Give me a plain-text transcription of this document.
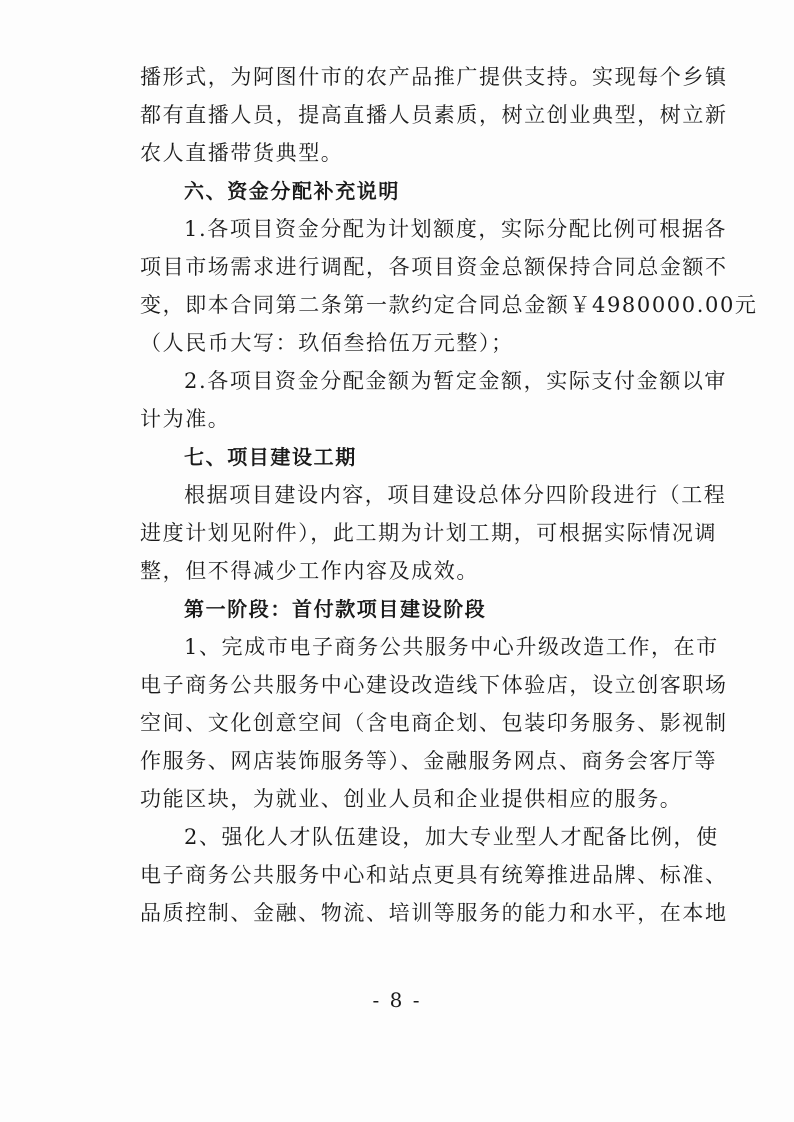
播形式，为阿图什市的农产品推广提供支持。实现每个乡镇
都有直播人员，提高直播人员素质，树立创业典型，树立新
农人直播带货典型。
六、资金分配补充说明
1.各项目资金分配为计划额度，实际分配比例可根据各
项目市场需求进行调配，各项目资金总额保持合同总金额不
变，即本合同第二条第一款约定合同总金额￥4980000.00元
（人民币大写：玖佰叁拾伍万元整）；
2.各项目资金分配金额为暂定金额，实际支付金额以审
计为准。
七、项目建设工期
根据项目建设内容，项目建设总体分四阶段进行（工程
进度计划见附件），此工期为计划工期，可根据实际情况调
整，但不得减少工作内容及成效。
第一阶段：首付款项目建设阶段
1、完成市电子商务公共服务中心升级改造工作，在市
电子商务公共服务中心建设改造线下体验店，设立创客职场
空间、文化创意空间（含电商企划、包装印务服务、影视制
作服务、网店装饰服务等）、金融服务网点、商务会客厅等
功能区块，为就业、创业人员和企业提供相应的服务。
2、强化人才队伍建设，加大专业型人才配备比例，使
电子商务公共服务中心和站点更具有统筹推进品牌、标准、
品质控制、金融、物流、培训等服务的能力和水平，在本地
- 8 -
